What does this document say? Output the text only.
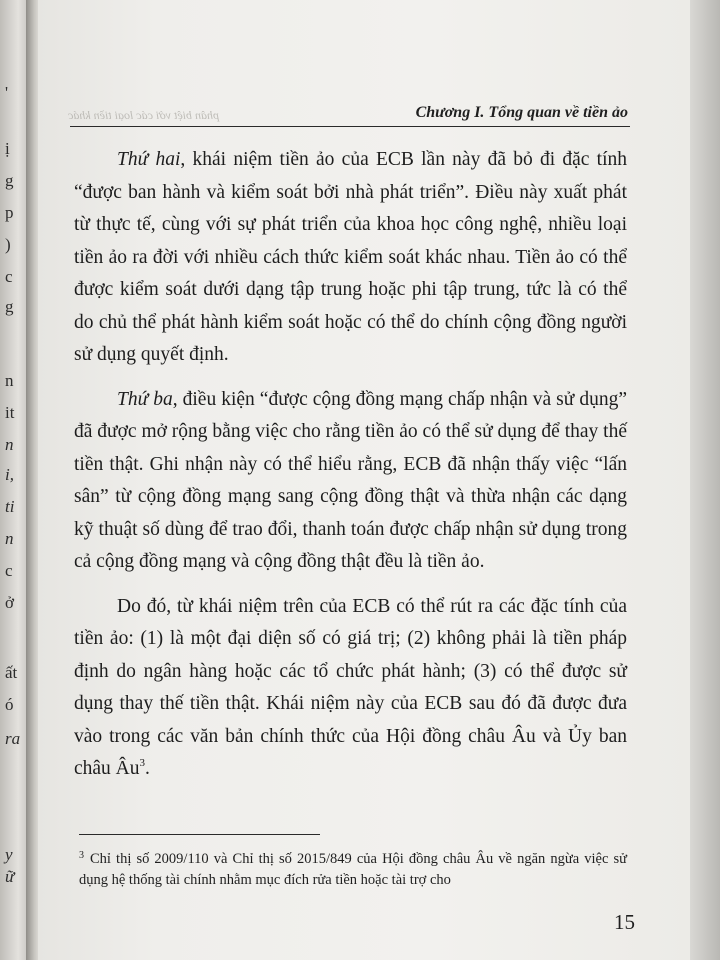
'
ị
g
p
)
c
g
n
it
n
i,
ti
n
c
ở
ất
ó
ra
y
ữ
phân biệt với các loại tiền khác	Chương I. Tổng quan về tiền ảo

Thứ hai, khái niệm tiền ảo của ECB lần này đã bỏ đi đặc tính “được ban hành và kiểm soát bởi nhà phát triển”. Điều này xuất phát từ thực tế, cùng với sự phát triển của khoa học công nghệ, nhiều loại tiền ảo ra đời với nhiều cách thức kiểm soát khác nhau. Tiền ảo có thể được kiểm soát dưới dạng tập trung hoặc phi tập trung, tức là có thể do chủ thể phát hành kiểm soát hoặc có thể do chính cộng đồng người sử dụng quyết định.

Thứ ba, điều kiện “được cộng đồng mạng chấp nhận và sử dụng” đã được mở rộng bằng việc cho rằng tiền ảo có thể sử dụng để thay thế tiền thật. Ghi nhận này có thể hiểu rằng, ECB đã nhận thấy việc “lấn sân” từ cộng đồng mạng sang cộng đồng thật và thừa nhận các dạng kỹ thuật số dùng để trao đổi, thanh toán được chấp nhận sử dụng trong cả cộng đồng mạng và cộng đồng thật đều là tiền ảo.

Do đó, từ khái niệm trên của ECB có thể rút ra các đặc tính của tiền ảo: (1) là một đại diện số có giá trị; (2) không phải là tiền pháp định do ngân hàng hoặc các tổ chức phát hành; (3) có thể được sử dụng thay thế tiền thật. Khái niệm này của ECB sau đó đã được đưa vào trong các văn bản chính thức của Hội đồng châu Âu và Ủy ban châu $Âu^3$.

$^3$ Chỉ thị số 2009/110 và Chỉ thị số 2015/849 của Hội đồng châu Âu về ngăn ngừa việc sử dụng hệ thống tài chính nhằm mục đích rửa tiền hoặc tài trợ cho
15
